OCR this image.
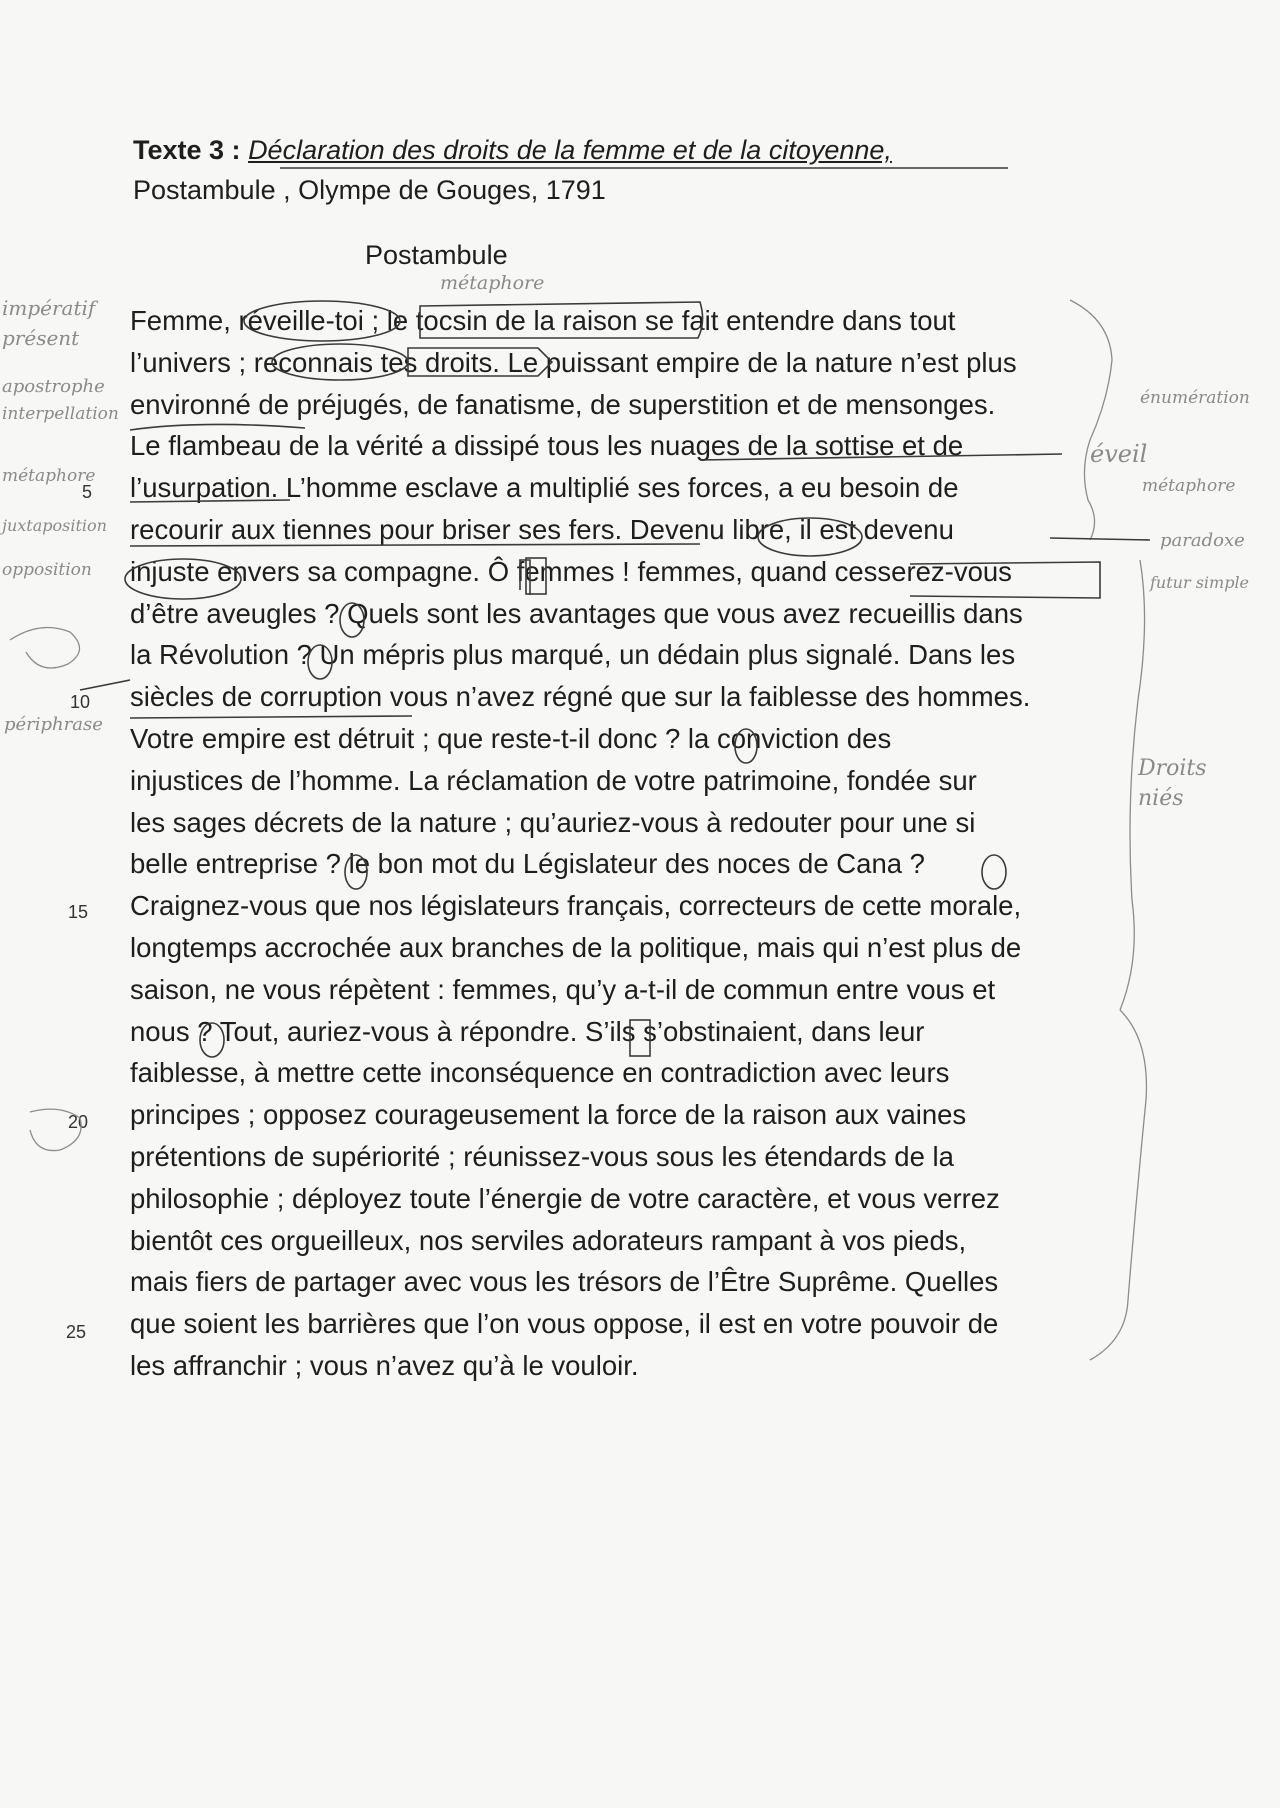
Texte 3 : Déclaration des droits de la femme et de la citoyenne,
Postambule , Olympe de Gouges, 1791
Postambule
Femme, réveille-toi ; le tocsin de la raison se fait entendre dans tout
l’univers ; reconnais tes droits. Le puissant empire de la nature n’est plus
environné de préjugés, de fanatisme, de superstition et de mensonges.
Le flambeau de la vérité a dissipé tous les nuages de la sottise et de
l’usurpation. L’homme esclave a multiplié ses forces, a eu besoin de
recourir aux tiennes pour briser ses fers. Devenu libre, il est devenu
injuste envers sa compagne. Ô femmes ! femmes, quand cesserez-vous
d’être aveugles ? Quels sont les avantages que vous avez recueillis dans
la Révolution ? Un mépris plus marqué, un dédain plus signalé. Dans les
siècles de corruption vous n’avez régné que sur la faiblesse des hommes.
Votre empire est détruit ; que reste-t-il donc ? la conviction des
injustices de l’homme. La réclamation de votre patrimoine, fondée sur
les sages décrets de la nature ; qu’auriez-vous à redouter pour une si
belle entreprise ? le bon mot du Législateur des noces de Cana ?
Craignez-vous que nos législateurs français, correcteurs de cette morale,
longtemps accrochée aux branches de la politique, mais qui n’est plus de
saison, ne vous répètent : femmes, qu’y a-t-il de commun entre vous et
nous ? Tout, auriez-vous à répondre. S’ils s’obstinaient, dans leur
faiblesse, à mettre cette inconséquence en contradiction avec leurs
principes ; opposez courageusement la force de la raison aux vaines
prétentions de supériorité ; réunissez-vous sous les étendards de la
philosophie ; déployez toute l’énergie de votre caractère, et vous verrez
bientôt ces orgueilleux, nos serviles adorateurs rampant à vos pieds,
mais fiers de partager avec vous les trésors de l’Être Suprême. Quelles
que soient les barrières que l’on vous oppose, il est en votre pouvoir de
les affranchir ; vous n’avez qu’à le vouloir.
5
10
15
20
25
impératif
présent
apostrophe
interpellation
métaphore
juxtaposition
opposition
périphrase
métaphore
énumération
éveil
métaphore
paradoxe
futur simple
Droits niés
